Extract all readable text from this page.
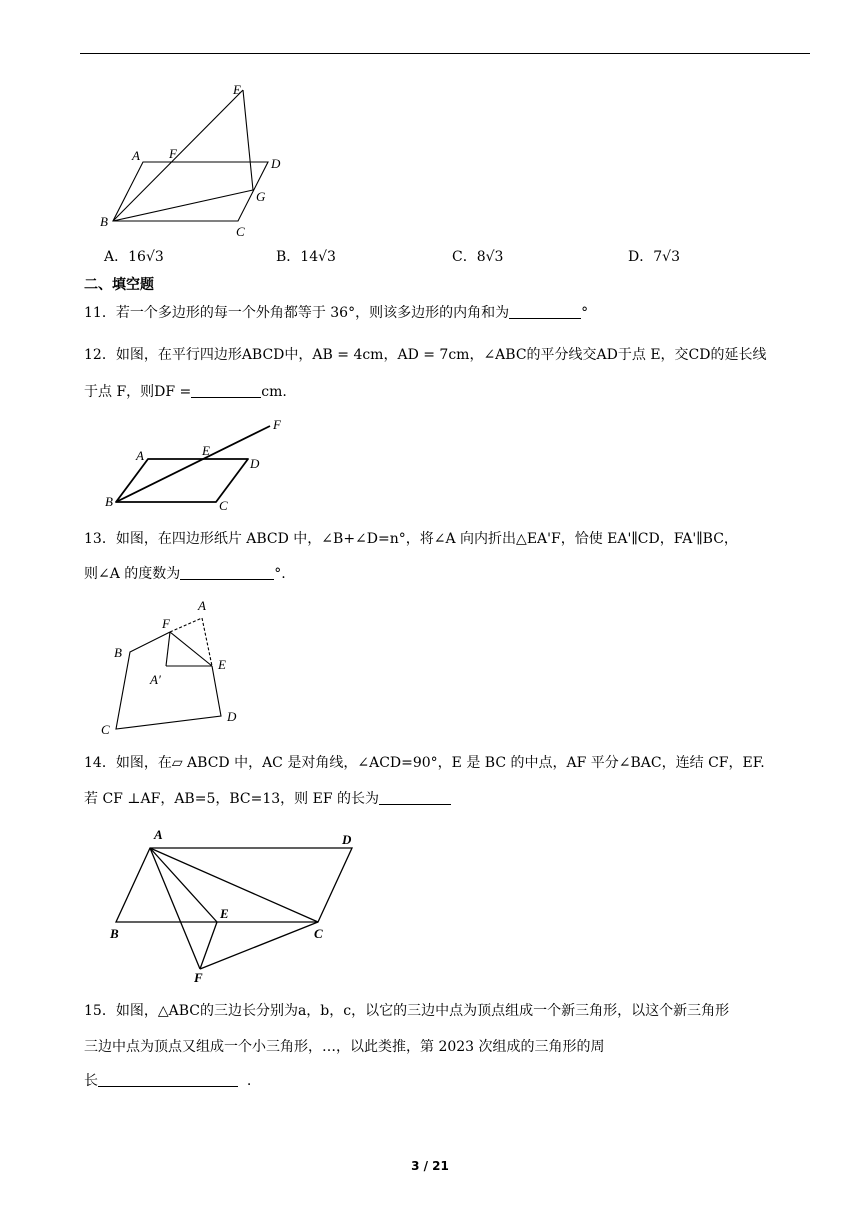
E
A F
D
G
B
C
A．16√3	B．14√3	C．8√3	D．7√3
二、填空题
11．若一个多边形的每一个外角都等于 36°，则该多边形的内角和为	°
12．如图，在平行四边形ABCD中，AB = 4cm，AD = 7cm，∠ABC的平分线交AD于点 E，交CD的延长线
于点 F，则DF =	cm.
A	E
D
F
B	C
13．如图，在四边形纸片 ABCD 中，∠B+∠D=n°，将∠A 向内折出△EA'F，恰使 EA'∥CD，FA'∥BC，
则∠A 的度数为	°.
A
F
B
A′
E
C
D
14．如图，在▱ ABCD 中，AC 是对角线，∠ACD=90°，E 是 BC 的中点，AF 平分∠BAC，连结 CF，EF.
若 CF ⊥AF，AB=5，BC=13，则 EF 的长为
A	D
E
B	C
F
15．如图，△ABC的三边长分别为a，b，c，以它的三边中点为顶点组成一个新三角形，以这个新三角形
三边中点为顶点又组成一个小三角形，…，以此类推，第 2023 次组成的三角形的周
长	.
3 / 21
